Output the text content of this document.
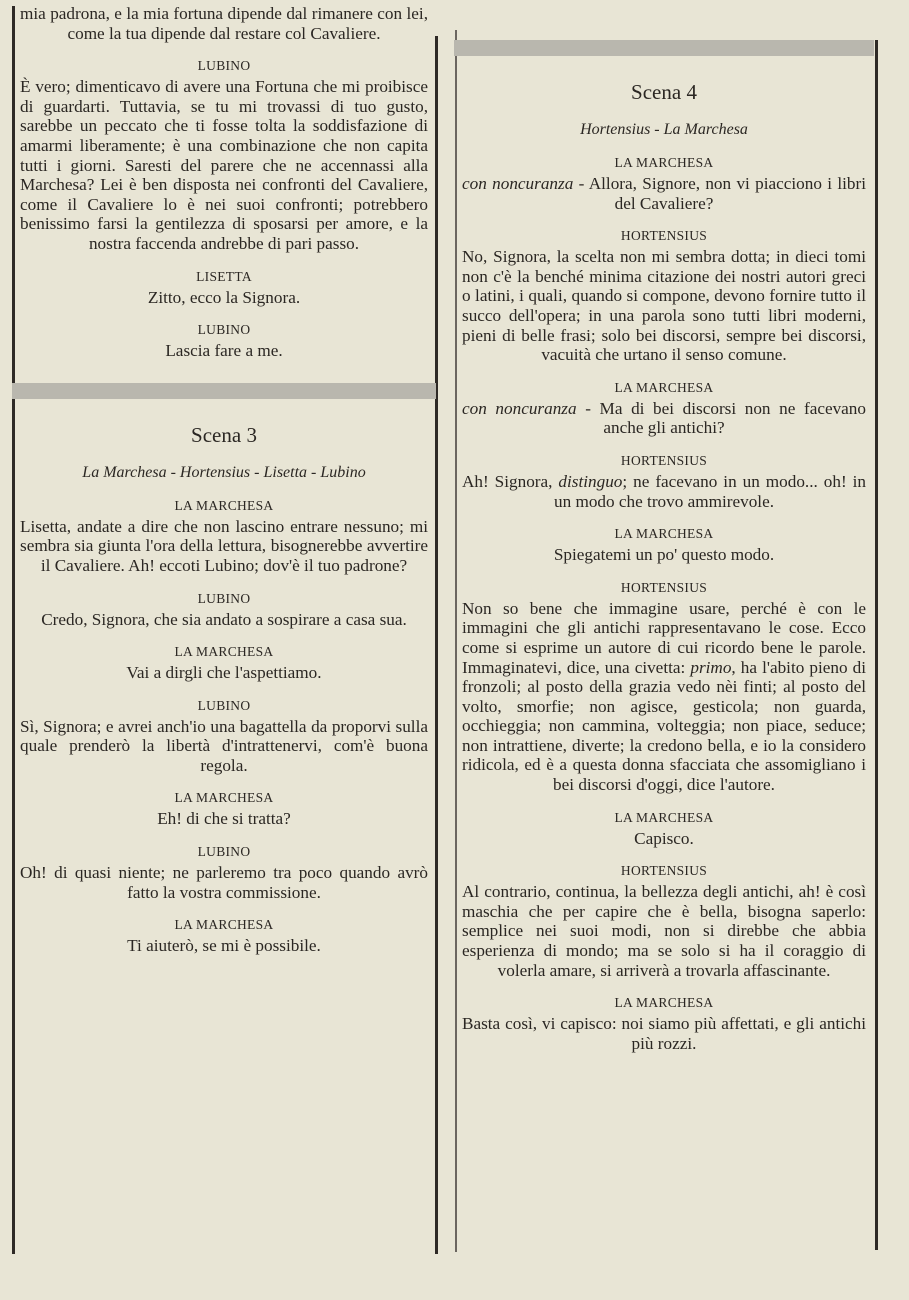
mia padrona, e la mia fortuna dipende dal rimanere con lei, come la tua dipende dal restare col Cavaliere.

LUBINO

È vero; dimenticavo di avere una Fortuna che mi proibisce di guardarti. Tuttavia, se tu mi trovassi di tuo gusto, sarebbe un peccato che ti fosse tolta la soddisfazione di amarmi liberamente; è una combinazione che non capita tutti i giorni. Saresti del parere che ne accennassi alla Marchesa? Lei è ben disposta nei confronti del Cavaliere, come il Cavaliere lo è nei suoi confronti; potrebbero benissimo farsi la gentilezza di sposarsi per amore, e la nostra faccenda andrebbe di pari passo.

LISETTA

Zitto, ecco la Signora.

LUBINO

Lascia fare a me.

Scena 3
La Marchesa - Hortensius - Lisetta - Lubino
LA MARCHESA

Lisetta, andate a dire che non lascino entrare nessuno; mi sembra sia giunta l'ora della lettura, bisognerebbe avvertire il Cavaliere. Ah! eccoti Lubino; dov'è il tuo padrone?

LUBINO

Credo, Signora, che sia andato a sospirare a casa sua.

LA MARCHESA

Vai a dirgli che l'aspettiamo.

LUBINO

Sì, Signora; e avrei anch'io una bagattella da proporvi sulla quale prenderò la libertà d'intrattenervi, com'è buona regola.

LA MARCHESA

Eh! di che si tratta?

LUBINO

Oh! di quasi niente; ne parleremo tra poco quando avrò fatto la vostra commissione.

LA MARCHESA

Ti aiuterò, se mi è possibile.

Scena 4
Hortensius - La Marchesa
LA MARCHESA

con noncuranza - Allora, Signore, non vi piacciono i libri del Cavaliere?

HORTENSIUS

No, Signora, la scelta non mi sembra dotta; in dieci tomi non c'è la benché minima citazione dei nostri autori greci o latini, i quali, quando si compone, devono fornire tutto il succo dell'opera; in una parola sono tutti libri moderni, pieni di belle frasi; solo bei discorsi, sempre bei discorsi, vacuità che urtano il senso comune.

LA MARCHESA

con noncuranza - Ma di bei discorsi non ne facevano anche gli antichi?

HORTENSIUS

Ah! Signora, distinguo; ne facevano in un modo... oh! in un modo che trovo ammirevole.

LA MARCHESA

Spiegatemi un po' questo modo.

HORTENSIUS

Non so bene che immagine usare, perché è con le immagini che gli antichi rappresentavano le cose. Ecco come si esprime un autore di cui ricordo bene le parole. Immaginatevi, dice, una civetta: primo, ha l'abito pieno di fronzoli; al posto della grazia vedo nèi finti; al posto del volto, smorfie; non agisce, gesticola; non guarda, occhieggia; non cammina, volteggia; non piace, seduce; non intrattiene, diverte; la credono bella, e io la considero ridicola, ed è a questa donna sfacciata che assomigliano i bei discorsi d'oggi, dice l'autore.

LA MARCHESA

Capisco.

HORTENSIUS

Al contrario, continua, la bellezza degli antichi, ah! è così maschia che per capire che è bella, bisogna saperlo: semplice nei suoi modi, non si direbbe che abbia esperienza di mondo; ma se solo si ha il coraggio di volerla amare, si arriverà a trovarla affascinante.

LA MARCHESA

Basta così, vi capisco: noi siamo più affettati, e gli antichi più rozzi.
